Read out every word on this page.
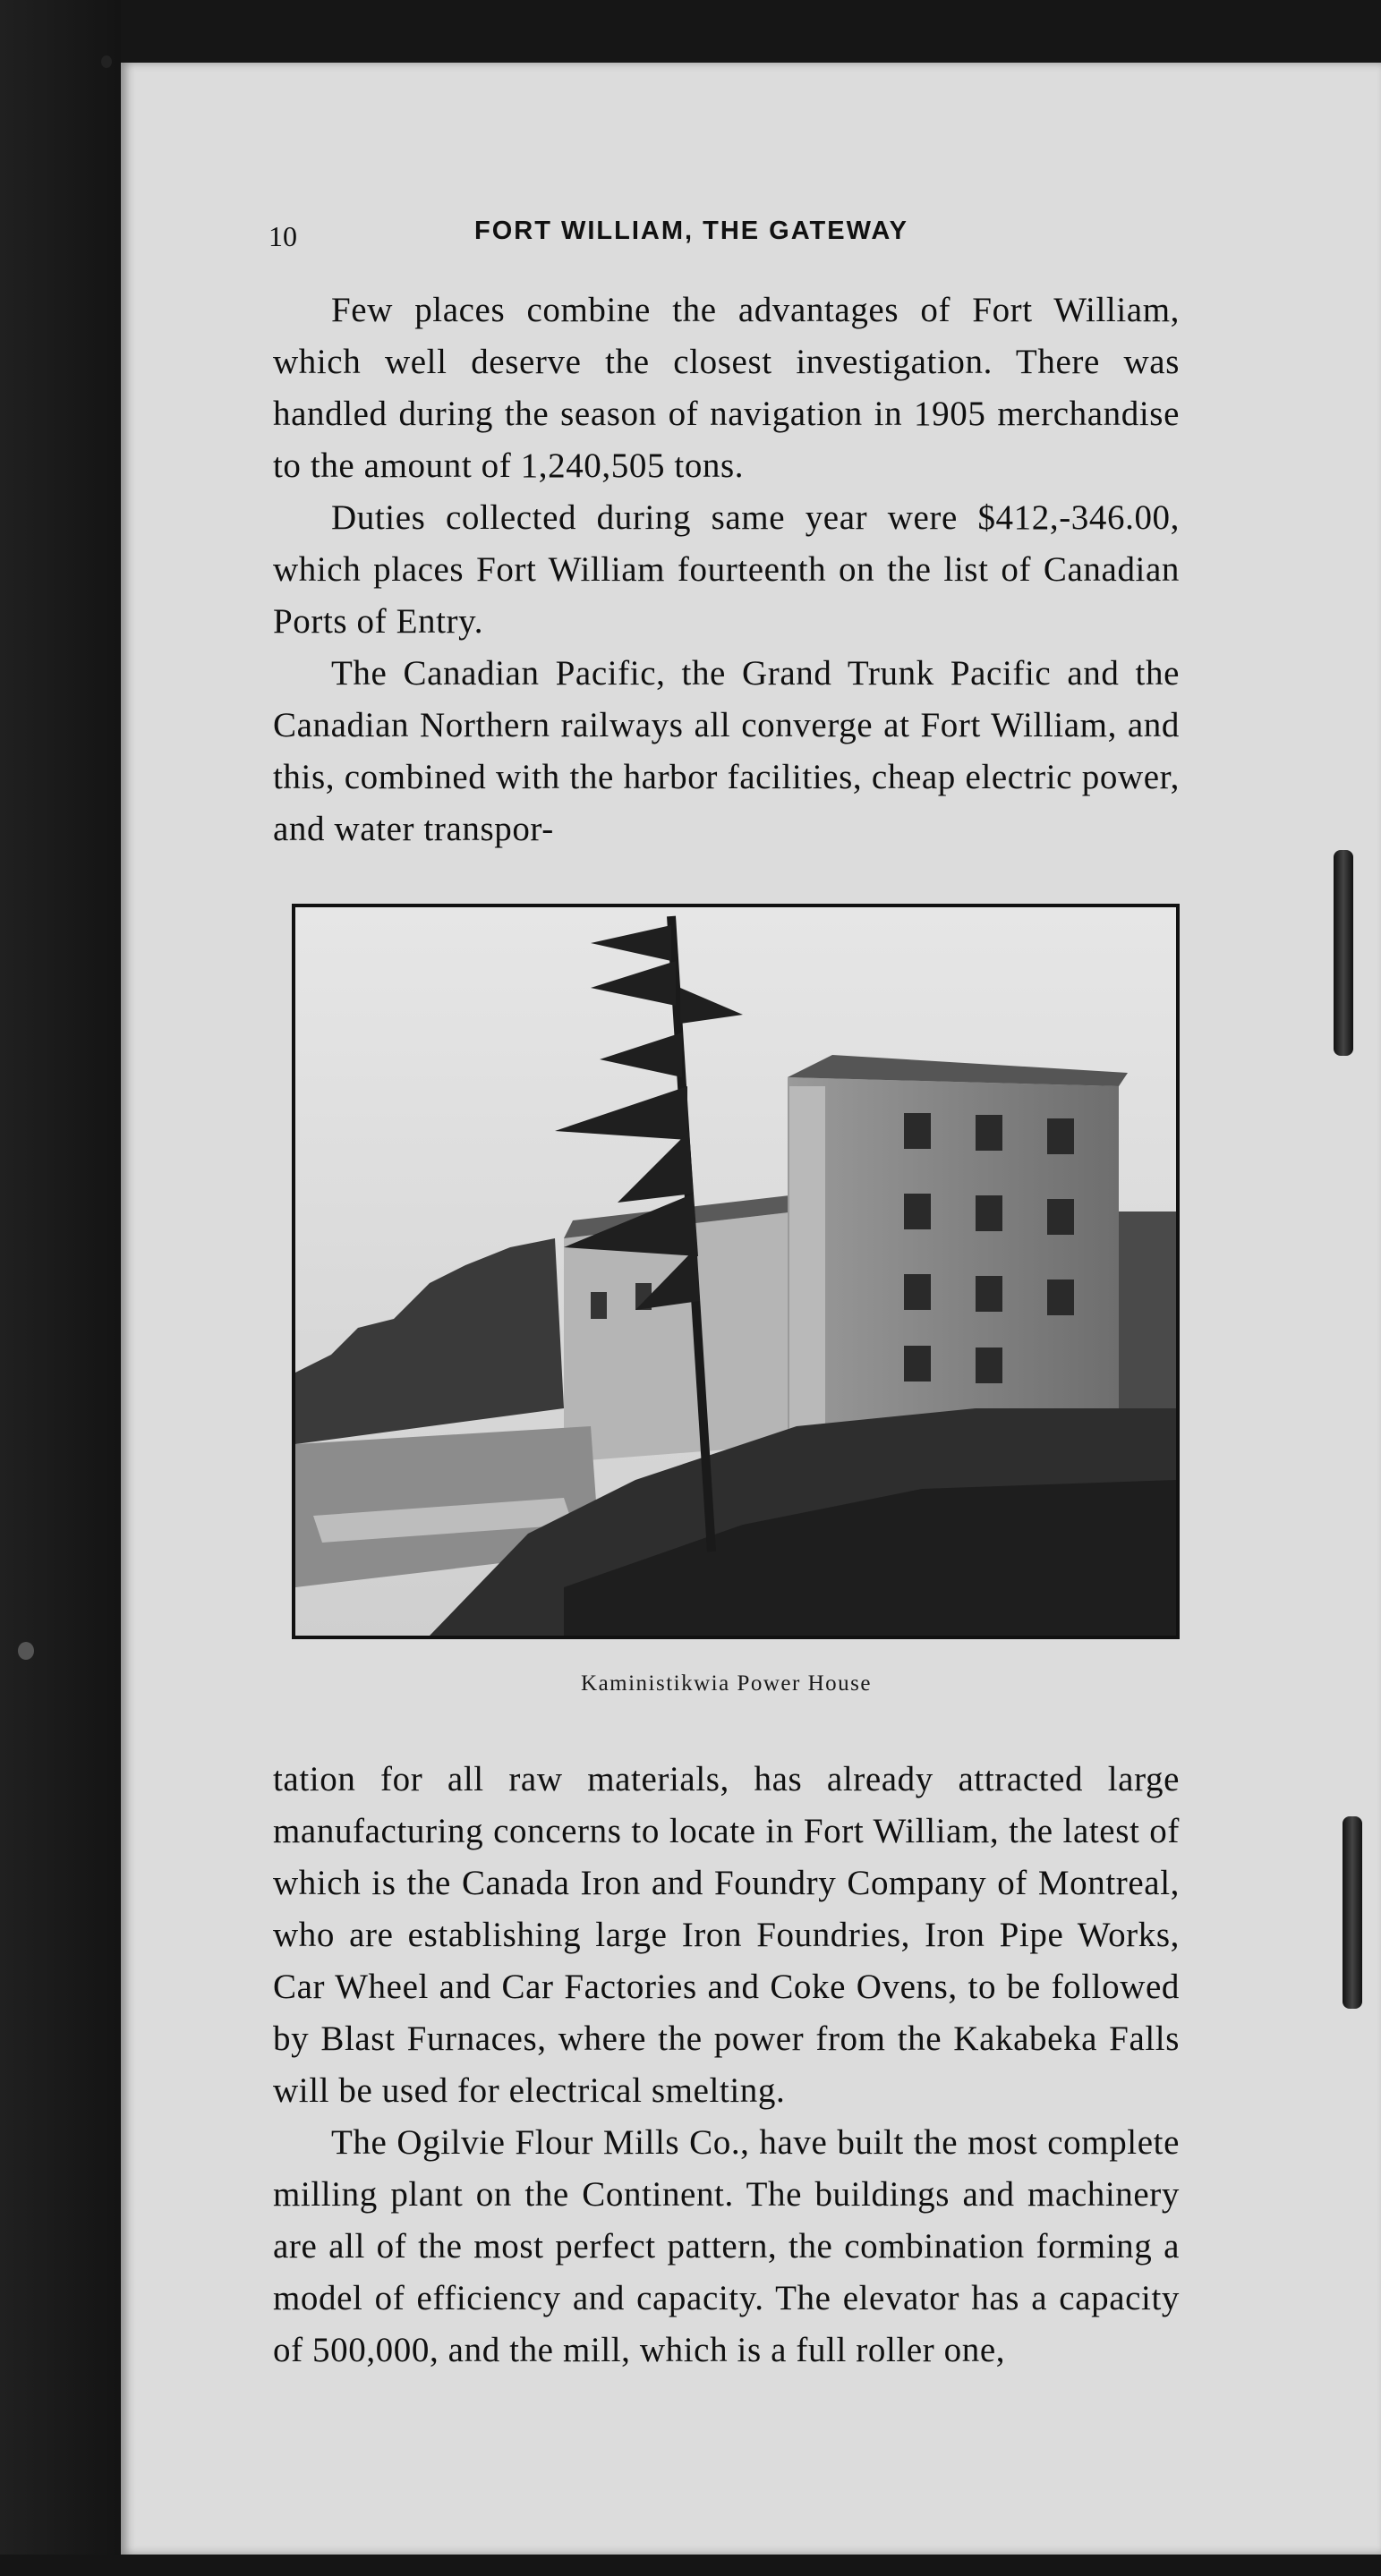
10	FORT WILLIAM, THE GATEWAY

Few places combine the advantages of Fort William, which well deserve the closest investigation. There was handled during the season of navigation in 1905 merchandise to the amount of 1,240,505 tons.

Duties collected during same year were $412,-346.00, which places Fort William fourteenth on the list of Canadian Ports of Entry.

The Canadian Pacific, the Grand Trunk Pacific and the Canadian Northern railways all converge at Fort William, and this, combined with the harbor facilities, cheap electric power, and water transpor-

Kaministikwia Power House

tation for all raw materials, has already attracted large manufacturing concerns to locate in Fort William, the latest of which is the Canada Iron and Foundry Company of Montreal, who are establishing large Iron Foundries, Iron Pipe Works, Car Wheel and Car Factories and Coke Ovens, to be followed by Blast Furnaces, where the power from the Kakabeka Falls will be used for electrical smelting.

The Ogilvie Flour Mills Co., have built the most complete milling plant on the Continent. The buildings and machinery are all of the most perfect pattern, the combination forming a model of efficiency and capacity. The elevator has a capacity of 500,000, and the mill, which is a full roller one,
